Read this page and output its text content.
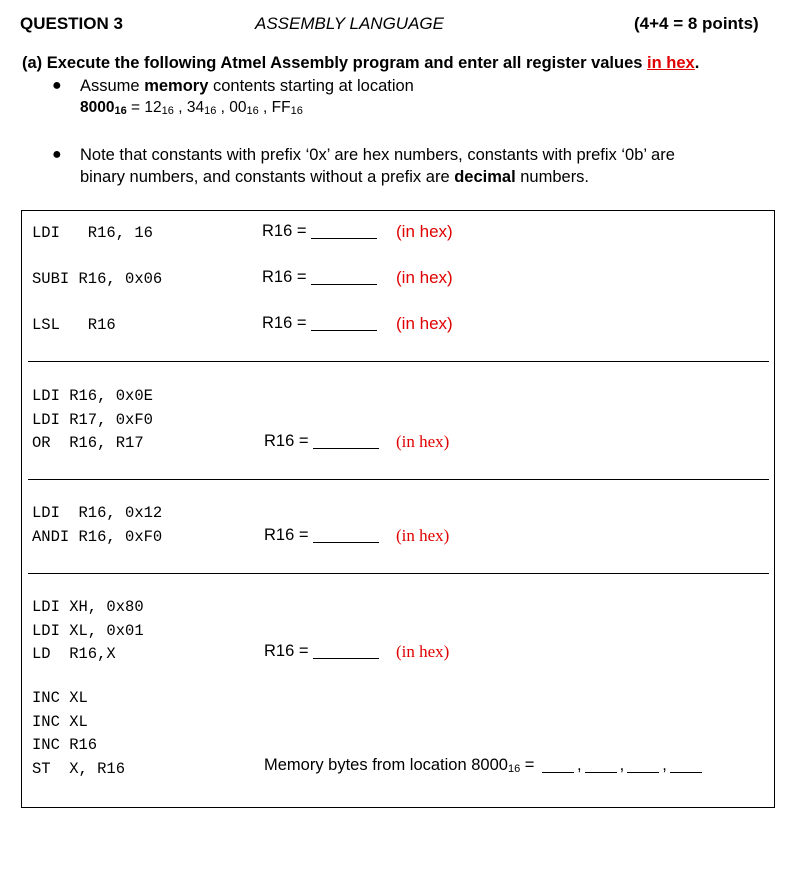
QUESTION 3	ASSEMBLY LANGUAGE	(4+4 = 8 points)
(a) Execute the following Atmel Assembly program and enter all register values in hex.
● Assume memory contents starting at location
$8000_{16} = 12_{16}$ , $34_{16}$ , $00_{16}$ , $FF_{16}$
● Note that constants with prefix ‘0x’ are hex numbers, constants with prefix ‘0b’ are
binary numbers, and constants without a prefix are decimal numbers.
LDI   R16, 16	R16 =	(in hex)
SUBI R16, 0x06	R16 =	(in hex)
LSL   R16	R16 =	(in hex)
LDI R16, 0x0E
LDI R17, 0xF0
OR  R16, R17	R16 =	(in hex)
LDI  R16, 0x12
ANDI R16, 0xF0	R16 =	(in hex)
LDI XH, 0x80
LDI XL, 0x01
LD  R16,X	R16 =	(in hex)
INC XL
INC XL
INC R16
ST  X, R16	Memory bytes from location $8000_{16}$ =	, , ,
